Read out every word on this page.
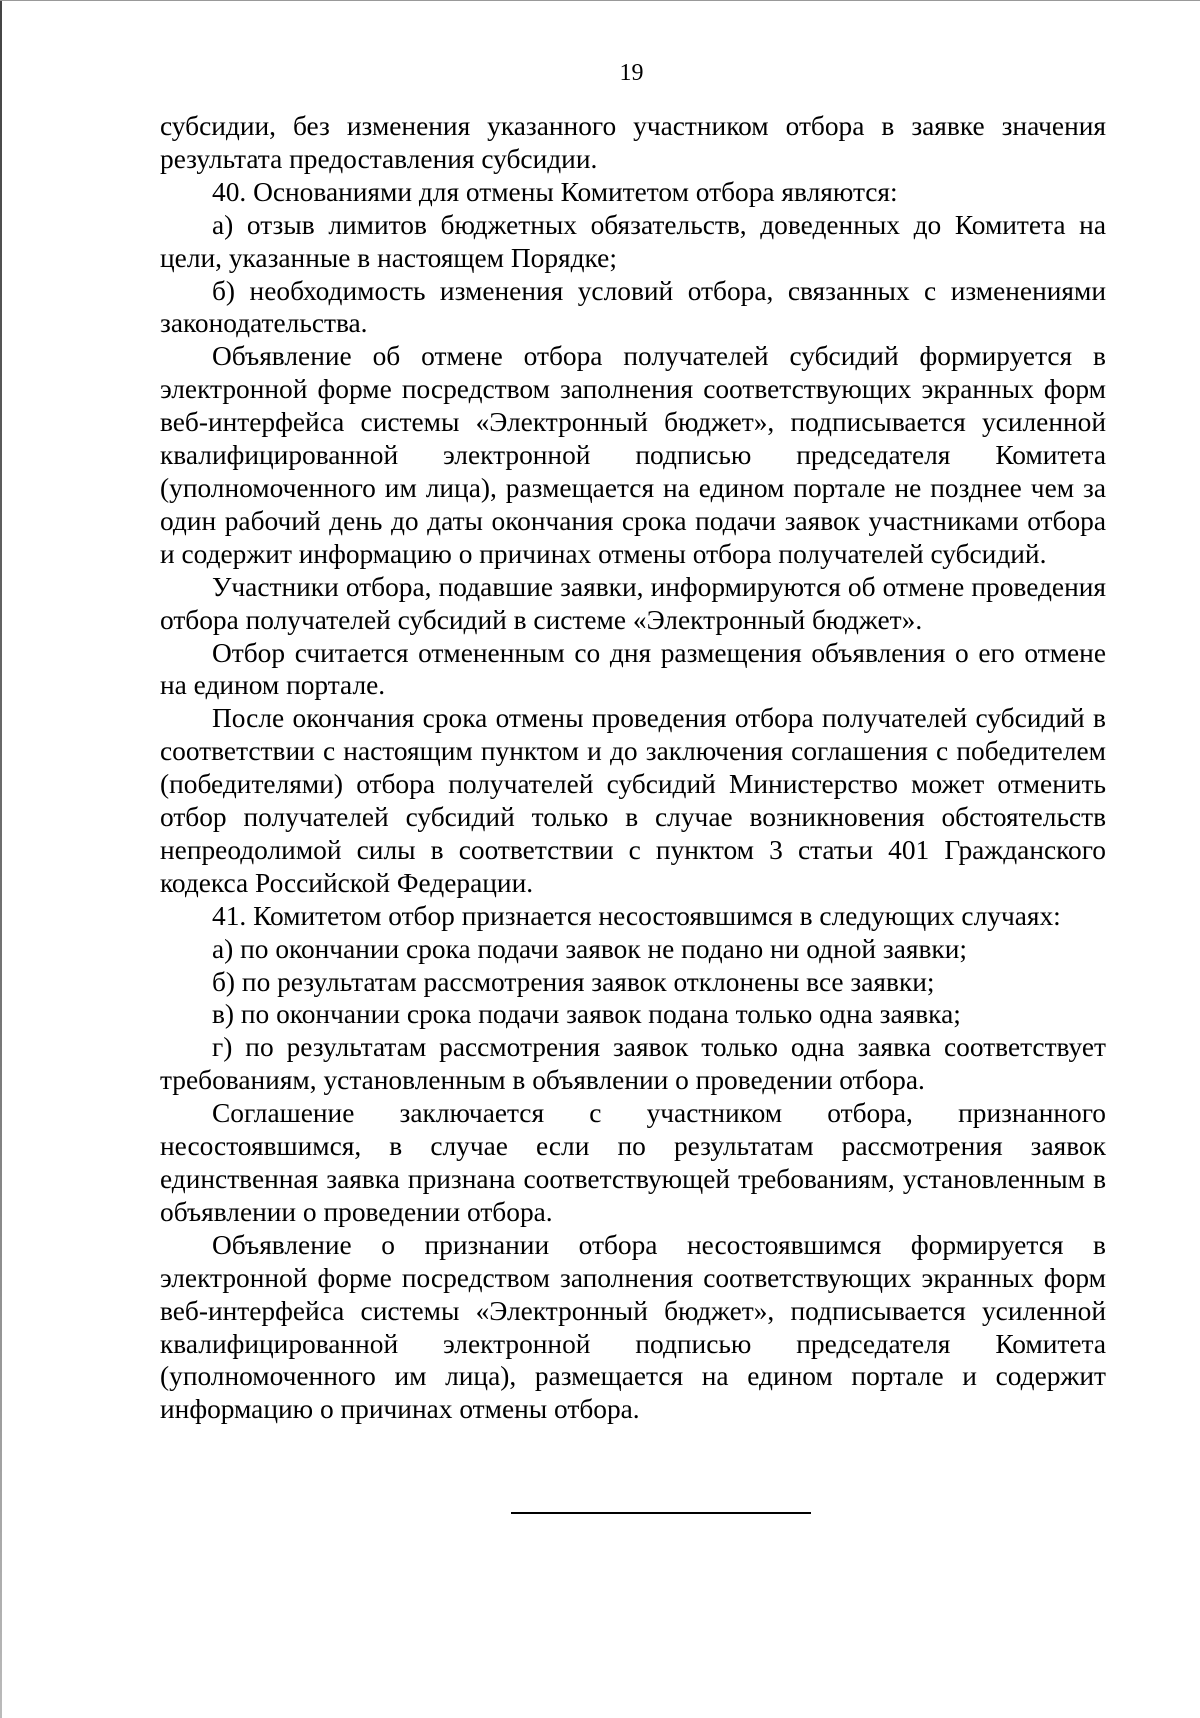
19

субсидии, без изменения указанного участником отбора в заявке значения результата предоставления субсидии.

40. Основаниями для отмены Комитетом отбора являются:

а) отзыв лимитов бюджетных обязательств, доведенных до Комитета на цели, указанные в настоящем Порядке;

б) необходимость изменения условий отбора, связанных с изменениями законодательства.

Объявление об отмене отбора получателей субсидий формируется в электронной форме посредством заполнения соответствующих экранных форм веб-интерфейса системы «Электронный бюджет», подписывается усиленной квалифицированной электронной подписью председателя Комитета (уполномоченного им лица), размещается на едином портале не позднее чем за один рабочий день до даты окончания срока подачи заявок участниками отбора и содержит информацию о причинах отмены отбора получателей субсидий.

Участники отбора, подавшие заявки, информируются об отмене проведения отбора получателей субсидий в системе «Электронный бюджет».

Отбор считается отмененным со дня размещения объявления о его отмене на едином портале.

После окончания срока отмены проведения отбора получателей субсидий в соответствии с настоящим пунктом и до заключения соглашения с победителем (победителями) отбора получателей субсидий Министерство может отменить отбор получателей субсидий только в случае возникновения обстоятельств непреодолимой силы в соответствии с пунктом 3 статьи 401 Гражданского кодекса Российской Федерации.

41. Комитетом отбор признается несостоявшимся в следующих случаях:

а) по окончании срока подачи заявок не подано ни одной заявки;

б) по результатам рассмотрения заявок отклонены все заявки;

в) по окончании срока подачи заявок подана только одна заявка;

г) по результатам рассмотрения заявок только одна заявка соответствует требованиям, установленным в объявлении о проведении отбора.

Соглашение заключается с участником отбора, признанного несостоявшимся, в случае если по результатам рассмотрения заявок единственная заявка признана соответствующей требованиям, установленным в объявлении о проведении отбора.

Объявление о признании отбора несостоявшимся формируется в электронной форме посредством заполнения соответствующих экранных форм веб-интерфейса системы «Электронный бюджет», подписывается усиленной квалифицированной электронной подписью председателя Комитета (уполномоченного им лица), размещается на едином портале и содержит информацию о причинах отмены отбора.
